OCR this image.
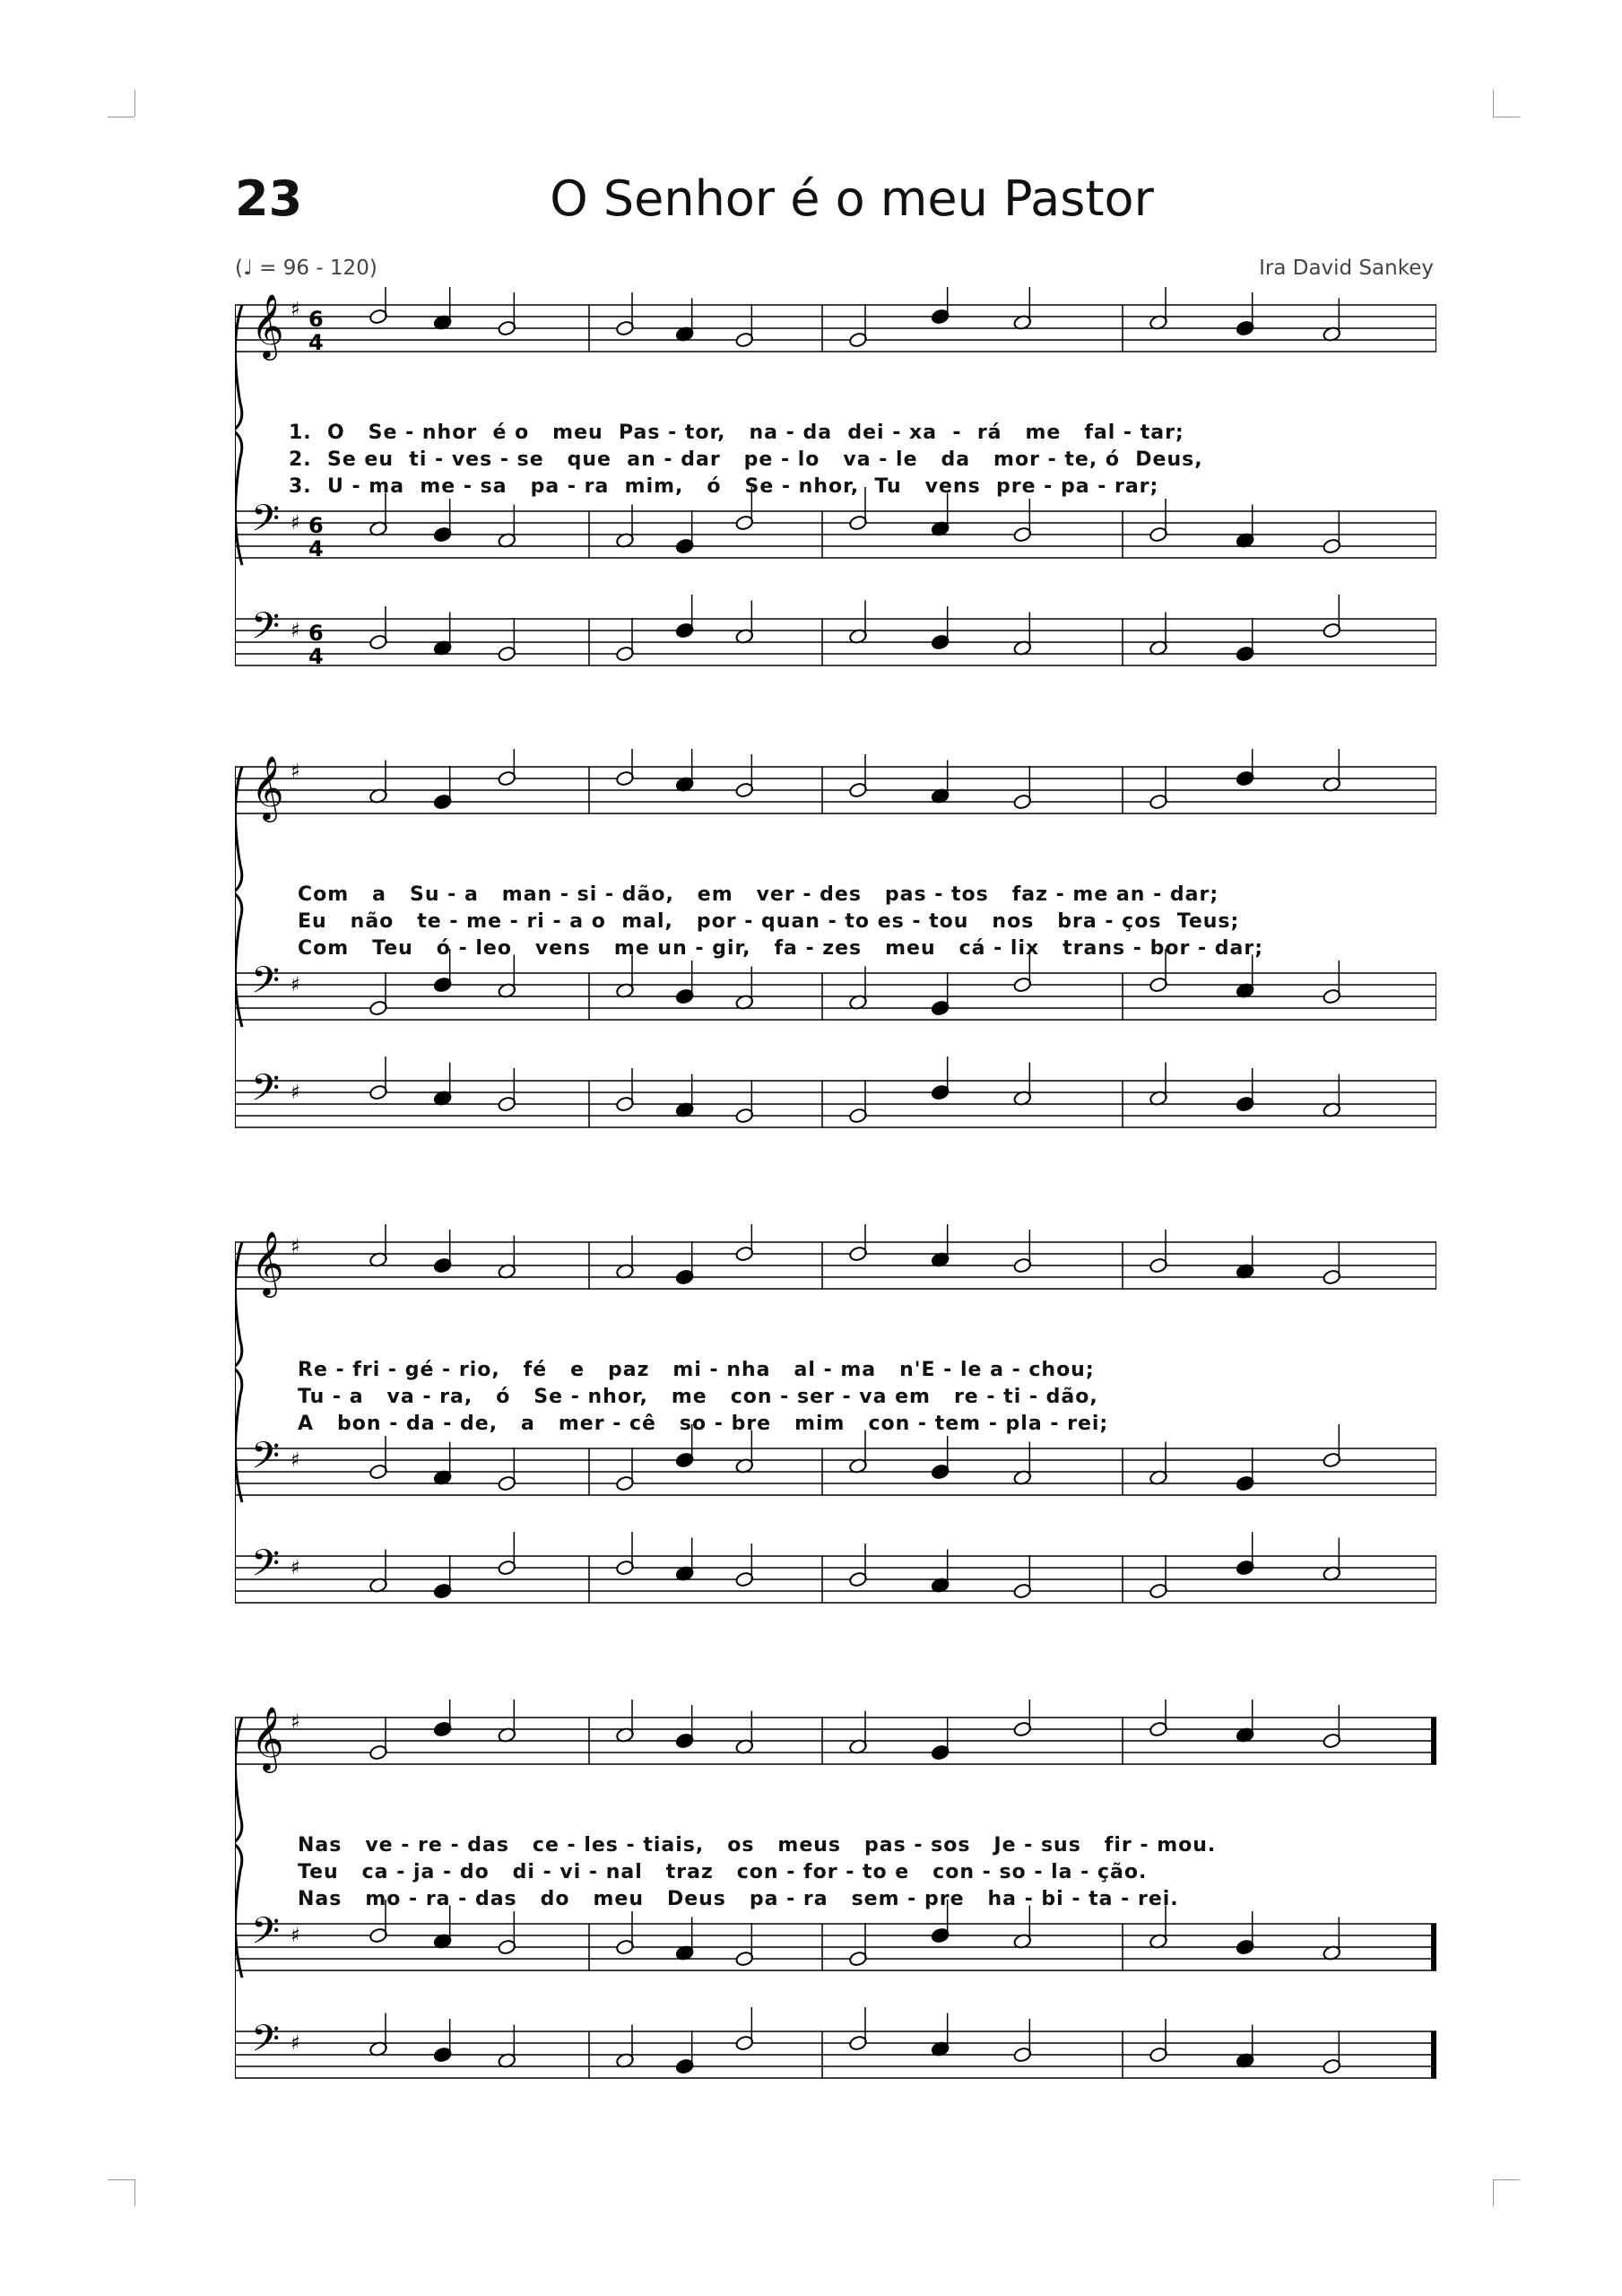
23	O Senhor é o meu Pastor
(♩ = 96 - 120)	Ira David Sankey
𝄞 ♯ 6
4
𝄢 ♯ 6
4
𝄢 ♯ 6
4
1.  O   Se - nhor  é o   meu  Pas - tor,   na - da  dei - xa  -  rá   me   fal - tar;
2.  Se eu  ti - ves - se   que  an - dar   pe - lo   va - le   da   mor - te, ó  Deus,
3.  U - ma  me - sa   pa - ra  mim,   ó   Se - nhor,  Tu   vens  pre - pa - rar;
𝄞 ♯
𝄢 ♯
𝄢 ♯
Com   a   Su - a   man - si - dão,   em   ver - des   pas - tos   faz - me an - dar;
Eu   não   te - me - ri - a o  mal,   por - quan - to es - tou   nos   bra - ços  Teus;
Com   Teu   ó - leo   vens   me un - gir,   fa - zes   meu   cá - lix   trans - bor - dar;
𝄞 ♯
𝄢 ♯
𝄢 ♯
Re - fri - gé - rio,   fé   e   paz   mi - nha   al - ma   n'E - le a - chou;
Tu - a   va - ra,   ó   Se - nhor,   me   con - ser - va em   re - ti - dão,
A   bon - da - de,   a   mer - cê   so - bre   mim   con - tem - pla - rei;
𝄞 ♯
𝄢 ♯
𝄢 ♯
Nas   ve - re - das   ce - les - tiais,   os   meus   pas - sos   Je - sus   fir - mou.
Teu   ca - ja - do   di - vi - nal   traz   con - for - to e   con - so - la - ção.
Nas   mo - ra - das   do   meu   Deus   pa - ra   sem - pre   ha - bi - ta - rei.
